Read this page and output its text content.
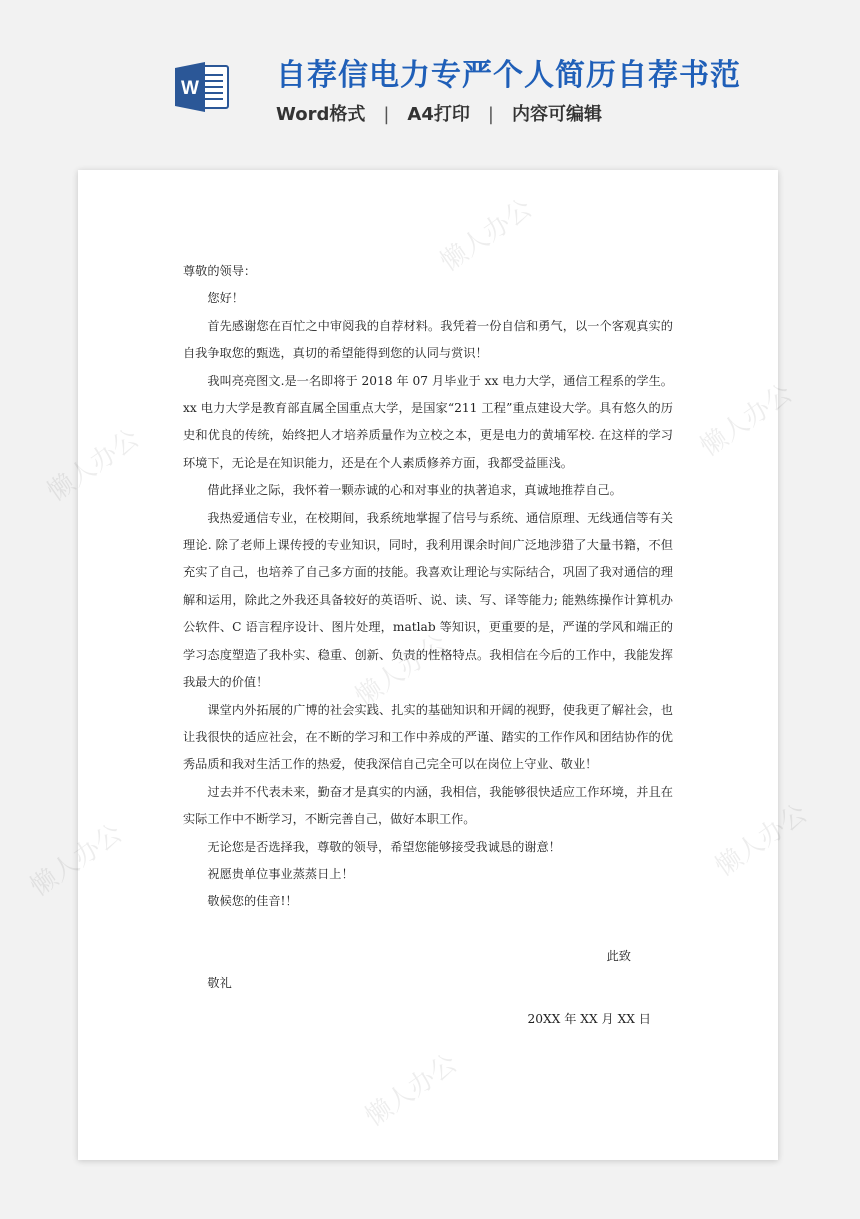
W	自荐信电力专严个人简历自荐书范
Word格式 | A4打印 | 内容可编辑
懒人办公
懒人办公
懒人办公
懒人办公
懒人办公	懒人办公
懒人办公

尊敬的领导：

您好！

首先感谢您在百忙之中审阅我的自荐材料。我凭着一份自信和勇气，以一个客观真实的自我争取您的甄选，真切的希望能得到您的认同与赏识！

我叫亮亮图文.是一名即将于 2018 年 07 月毕业于 xx 电力大学，通信工程系的学生。xx 电力大学是教育部直属全国重点大学，是国家“211 工程”重点建设大学。具有悠久的历史和优良的传统，始终把人才培养质量作为立校之本，更是电力的黄埔军校. 在这样的学习环境下，无论是在知识能力，还是在个人素质修养方面，我都受益匪浅。

借此择业之际，我怀着一颗赤诚的心和对事业的执著追求，真诚地推荐自己。

我热爱通信专业，在校期间，我系统地掌握了信号与系统、通信原理、无线通信等有关理论. 除了老师上课传授的专业知识，同时，我利用课余时间广泛地涉猎了大量书籍，不但充实了自己，也培养了自己多方面的技能。我喜欢让理论与实际结合，巩固了我对通信的理解和运用，除此之外我还具备较好的英语听、说、读、写、译等能力; 能熟练操作计算机办公软件、C 语言程序设计、图片处理，matlab 等知识，更重要的是，严谨的学风和端正的学习态度塑造了我朴实、稳重、创新、负责的性格特点。我相信在今后的工作中，我能发挥我最大的价值！

课堂内外拓展的广博的社会实践、扎实的基础知识和开阔的视野，使我更了解社会，也让我很快的适应社会，在不断的学习和工作中养成的严谨、踏实的工作作风和团结协作的优秀品质和我对生活工作的热爱，使我深信自己完全可以在岗位上守业、敬业！

过去并不代表未来，勤奋才是真实的内涵，我相信，我能够很快适应工作环境，并且在实际工作中不断学习，不断完善自己，做好本职工作。

无论您是否选择我，尊敬的领导，希望您能够接受我诚恳的谢意！

祝愿贵单位事业蒸蒸日上！

敬候您的佳音!！

此致

敬礼

20XX 年 XX 月 XX 日
